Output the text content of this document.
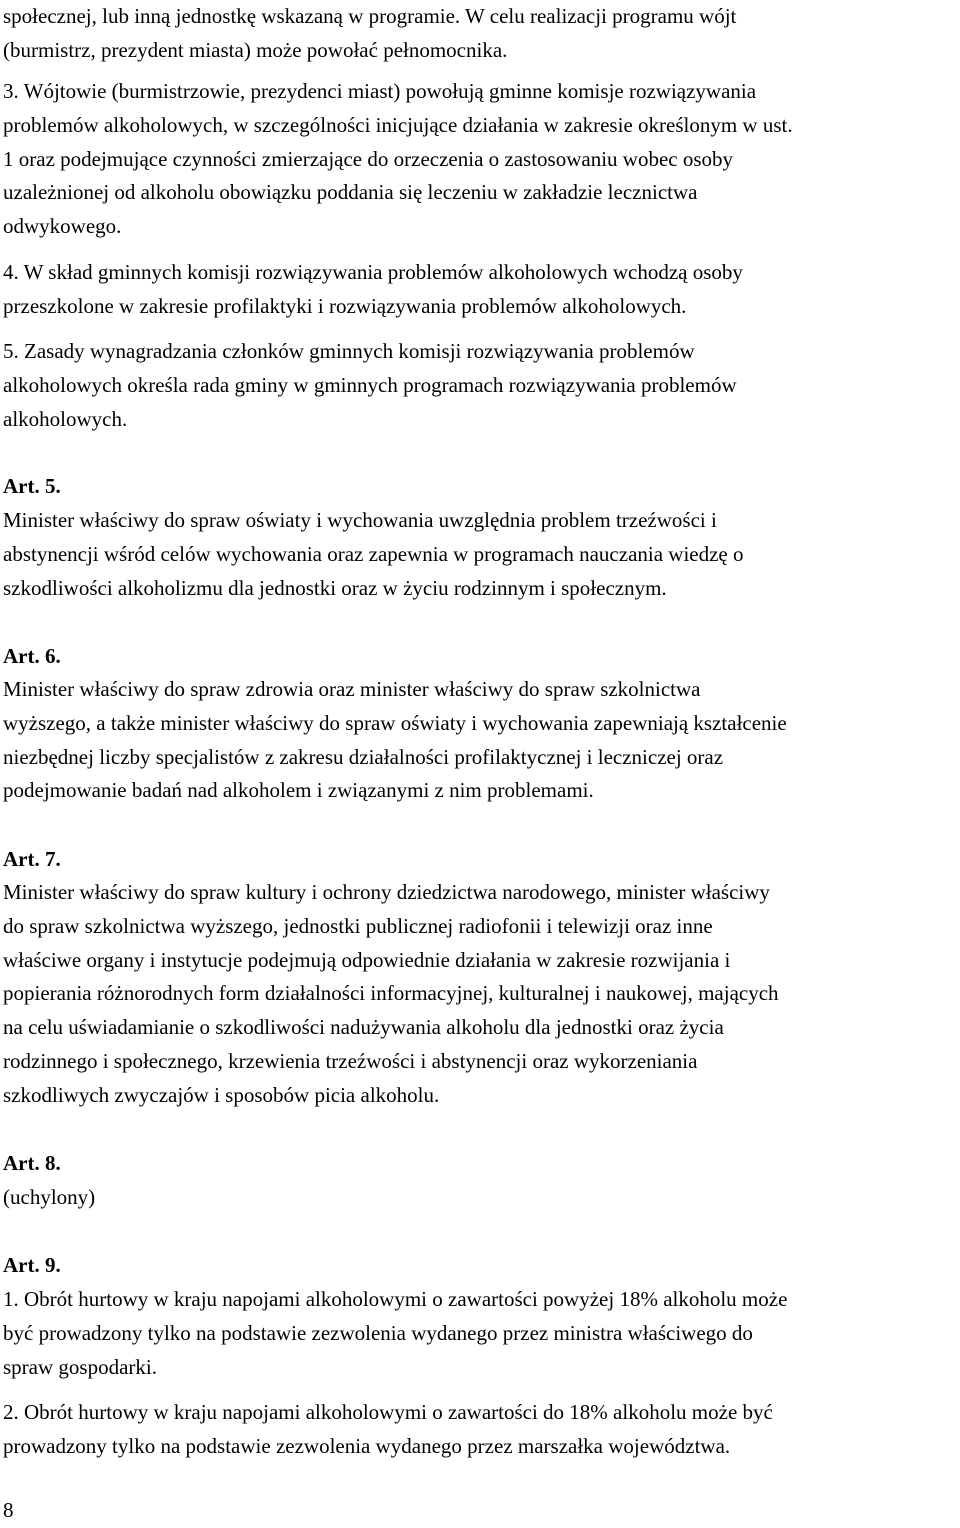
społecznej, lub inną jednostkę wskazaną w programie. W celu realizacji programu wójt
(burmistrz, prezydent miasta) może powołać pełnomocnika.

3. Wójtowie (burmistrzowie, prezydenci miast) powołują gminne komisje rozwiązywania
problemów alkoholowych, w szczególności inicjujące działania w zakresie określonym w ust.
1 oraz podejmujące czynności zmierzające do orzeczenia o zastosowaniu wobec osoby
uzależnionej od alkoholu obowiązku poddania się leczeniu w zakładzie lecznictwa
odwykowego.

4. W skład gminnych komisji rozwiązywania problemów alkoholowych wchodzą osoby
przeszkolone w zakresie profilaktyki i rozwiązywania problemów alkoholowych.

5. Zasady wynagradzania członków gminnych komisji rozwiązywania problemów
alkoholowych określa rada gminy w gminnych programach rozwiązywania problemów
alkoholowych.

Art. 5.

Minister właściwy do spraw oświaty i wychowania uwzględnia problem trzeźwości i
abstynencji wśród celów wychowania oraz zapewnia w programach nauczania wiedzę o
szkodliwości alkoholizmu dla jednostki oraz w życiu rodzinnym i społecznym.

Art. 6.

Minister właściwy do spraw zdrowia oraz minister właściwy do spraw szkolnictwa
wyższego, a także minister właściwy do spraw oświaty i wychowania zapewniają kształcenie
niezbędnej liczby specjalistów z zakresu działalności profilaktycznej i leczniczej oraz
podejmowanie badań nad alkoholem i związanymi z nim problemami.

Art. 7.

Minister właściwy do spraw kultury i ochrony dziedzictwa narodowego, minister właściwy
do spraw szkolnictwa wyższego, jednostki publicznej radiofonii i telewizji oraz inne
właściwe organy i instytucje podejmują odpowiednie działania w zakresie rozwijania i
popierania różnorodnych form działalności informacyjnej, kulturalnej i naukowej, mających
na celu uświadamianie o szkodliwości nadużywania alkoholu dla jednostki oraz życia
rodzinnego i społecznego, krzewienia trzeźwości i abstynencji oraz wykorzeniania
szkodliwych zwyczajów i sposobów picia alkoholu.

Art. 8.

(uchylony)

Art. 9.

1. Obrót hurtowy w kraju napojami alkoholowymi o zawartości powyżej 18% alkoholu może
być prowadzony tylko na podstawie zezwolenia wydanego przez ministra właściwego do
spraw gospodarki.

2. Obrót hurtowy w kraju napojami alkoholowymi o zawartości do 18% alkoholu może być
prowadzony tylko na podstawie zezwolenia wydanego przez marszałka województwa.

8
